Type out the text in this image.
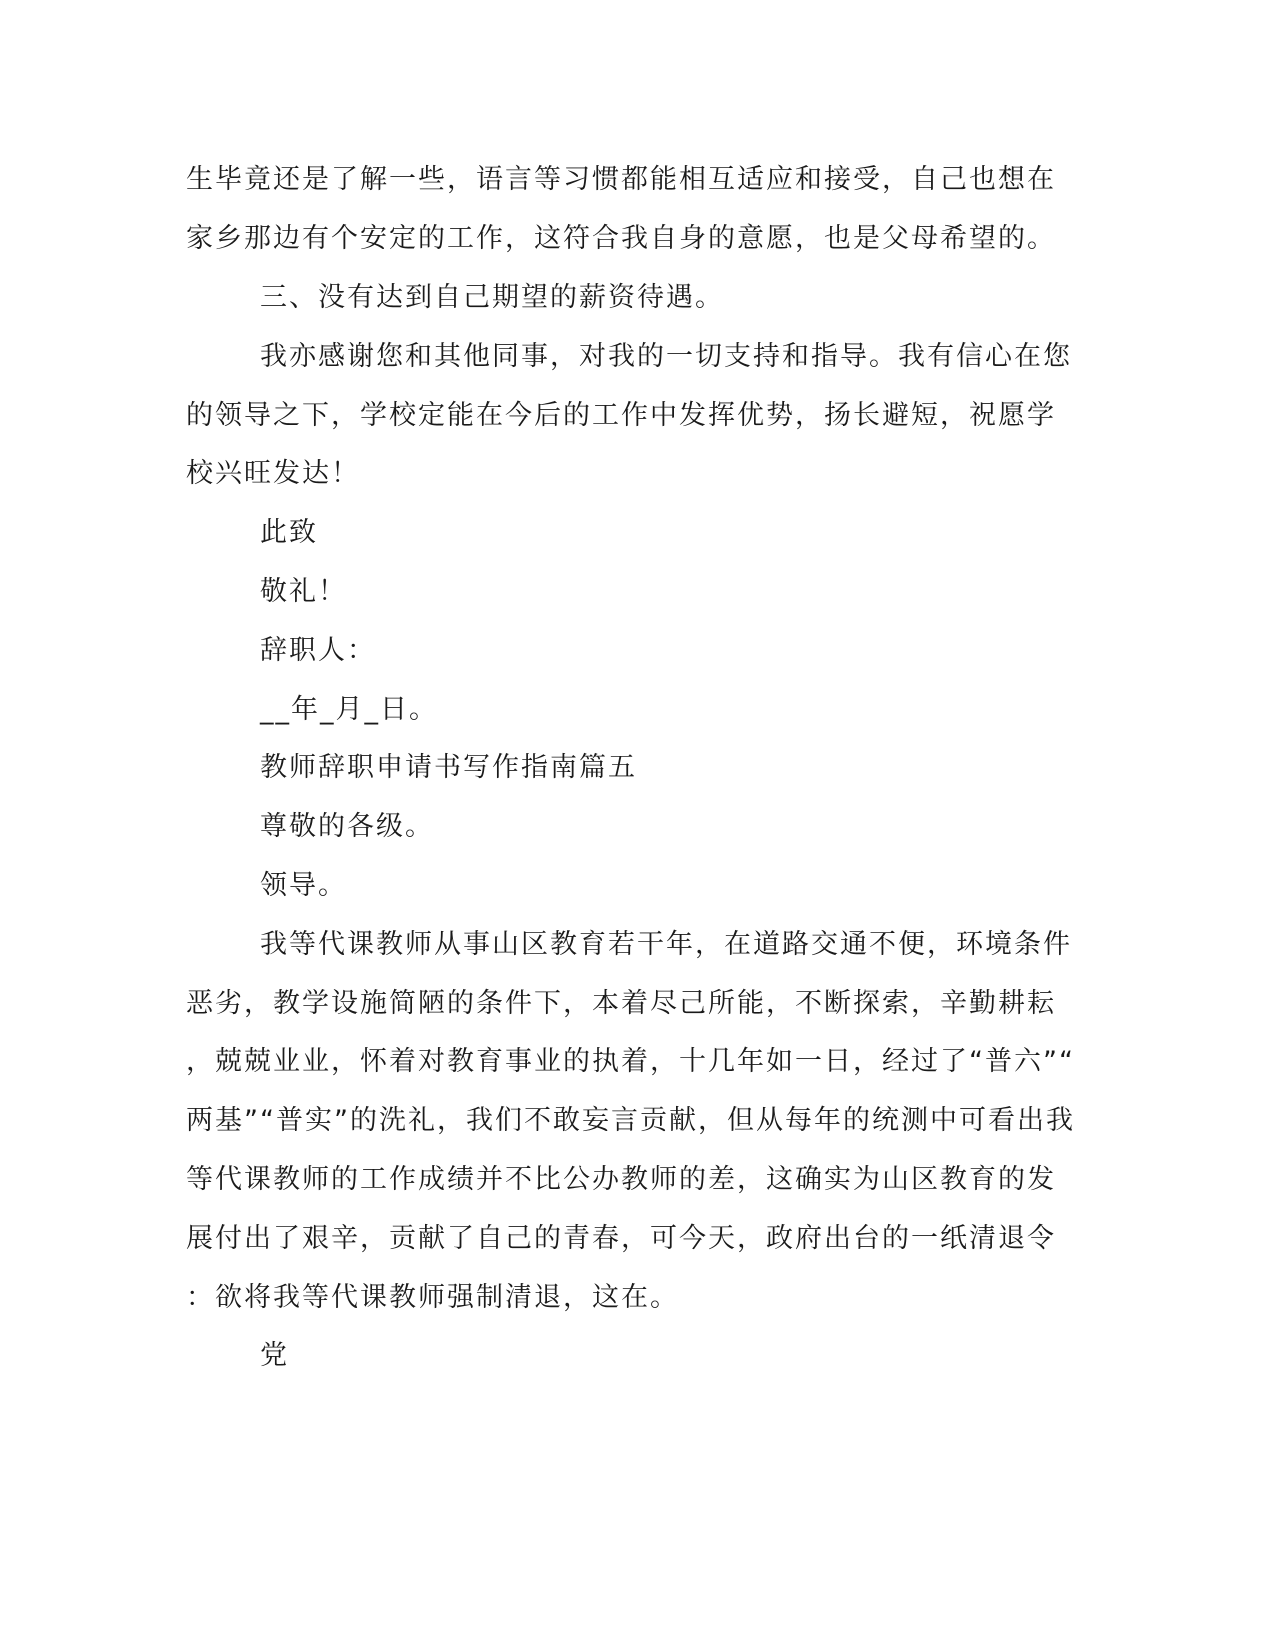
生毕竟还是了解一些，语言等习惯都能相互适应和接受，自己也想在
家乡那边有个安定的工作，这符合我自身的意愿，也是父母希望的。
三、没有达到自己期望的薪资待遇。
我亦感谢您和其他同事，对我的一切支持和指导。我有信心在您
的领导之下，学校定能在今后的工作中发挥优势，扬长避短，祝愿学
校兴旺发达！
此致
敬礼！
辞职人：
__年_月_日。
教师辞职申请书写作指南篇五
尊敬的各级。
领导。
我等代课教师从事山区教育若干年，在道路交通不便，环境条件
恶劣，教学设施简陋的条件下，本着尽己所能，不断探索，辛勤耕耘
，兢兢业业，怀着对教育事业的执着，十几年如一日，经过了“普六”“
两基”“普实”的洗礼，我们不敢妄言贡献，但从每年的统测中可看出我
等代课教师的工作成绩并不比公办教师的差，这确实为山区教育的发
展付出了艰辛，贡献了自己的青春，可今天，政府出台的一纸清退令
：欲将我等代课教师强制清退，这在。
党
